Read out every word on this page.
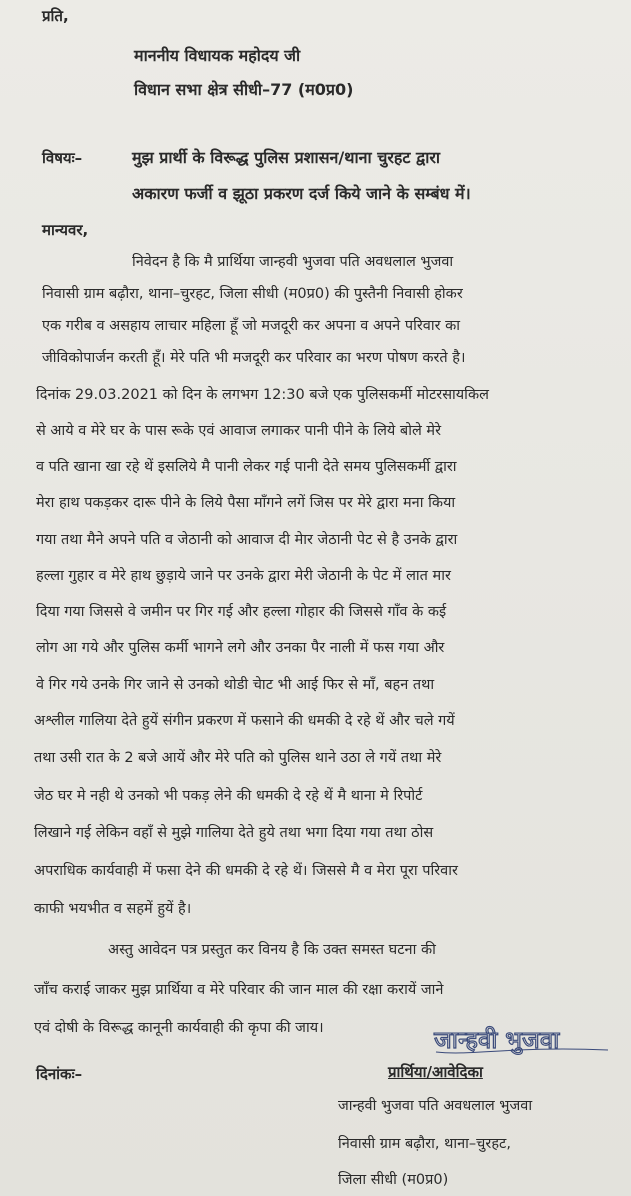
प्रति,
माननीय विधायक महोदय जी
विधान सभा क्षेत्र सीधी–77 (म0प्र0)
विषयः–	मुझ प्रार्थी के विरूद्ध पुलिस प्रशासन/थाना चुरहट द्वारा
अकारण फर्जी व झूठा प्रकरण दर्ज किये जाने के सम्बंध में।
मान्यवर,
निवेदन है कि मै प्रार्थिया जान्हवी भुजवा पति अवधलाल भुजवा
निवासी ग्राम बढ़ौरा, थाना–चुरहट, जिला सीधी (म0प्र0) की पुस्तैनी निवासी होकर
एक गरीब व असहाय लाचार महिला हूँ जो मजदूरी कर अपना व अपने परिवार का
जीविकोपार्जन करती हूँ। मेरे पति भी मजदूरी कर परिवार का भरण पोषण करते है।
दिनांक 29.03.2021 को दिन के लगभग 12:30 बजे एक पुलिसकर्मी मोटरसायकिल
से आये व मेरे घर के पास रूके एवं आवाज लगाकर पानी पीने के लिये बोले मेरे
व पति खाना खा रहे थें इसलिये मै पानी लेकर गई पानी देते समय पुलिसकर्मी द्वारा
मेरा हाथ पकड़कर दारू पीने के लिये पैसा माँगने लगें जिस पर मेरे द्वारा मना किया
गया तथा मैने अपने पति व जेठानी को आवाज दी मेार जेठानी पेट से है उनके द्वारा
हल्ला गुहार व मेरे हाथ छुड़ाये जाने पर उनके द्वारा मेरी जेठानी के पेट में लात मार
दिया गया जिससे वे जमीन पर गिर गई और हल्ला गोहार की जिससे गाँव के कई
लोग आ गये और पुलिस कर्मी भागने लगे और उनका पैर नाली में फस गया और
वे गिर गये उनके गिर जाने से उनको थोडी चेाट भी आई फिर से माँ, बहन तथा
अश्लील गालिया देते हुयें संगीन प्रकरण में फसाने की धमकी दे रहे थें और चले गयें
तथा उसी रात के 2 बजे आयें और मेरे पति को पुलिस थाने उठा ले गयें तथा मेरे
जेठ घर मे नही थे उनको भी पकड़ लेने की धमकी दे रहे थें मै थाना मे रिपोर्ट
लिखाने गई लेकिन वहाँ से मुझे गालिया देते हुये तथा भगा दिया गया तथा ठोस
अपराधिक कार्यवाही में फसा देने की धमकी दे रहे थें। जिससे मै व मेरा पूरा परिवार
काफी भयभीत व सहमें हुयें है।
अस्तु आवेदन पत्र प्रस्तुत कर विनय है कि उक्त समस्त घटना की
जाँच कराई जाकर मुझ प्रार्थिया व मेरे परिवार की जान माल की रक्षा करायें जाने
एवं दोषी के विरूद्ध कानूनी कार्यवाही की कृपा की जाय।	जान्हवी भुजवा
दिनांकः–	प्रार्थिया/आवेदिका
जान्हवी भुजवा पति अवधलाल भुजवा
निवासी ग्राम बढ़ौरा, थाना–चुरहट,
जिला सीधी (म0प्र0)
